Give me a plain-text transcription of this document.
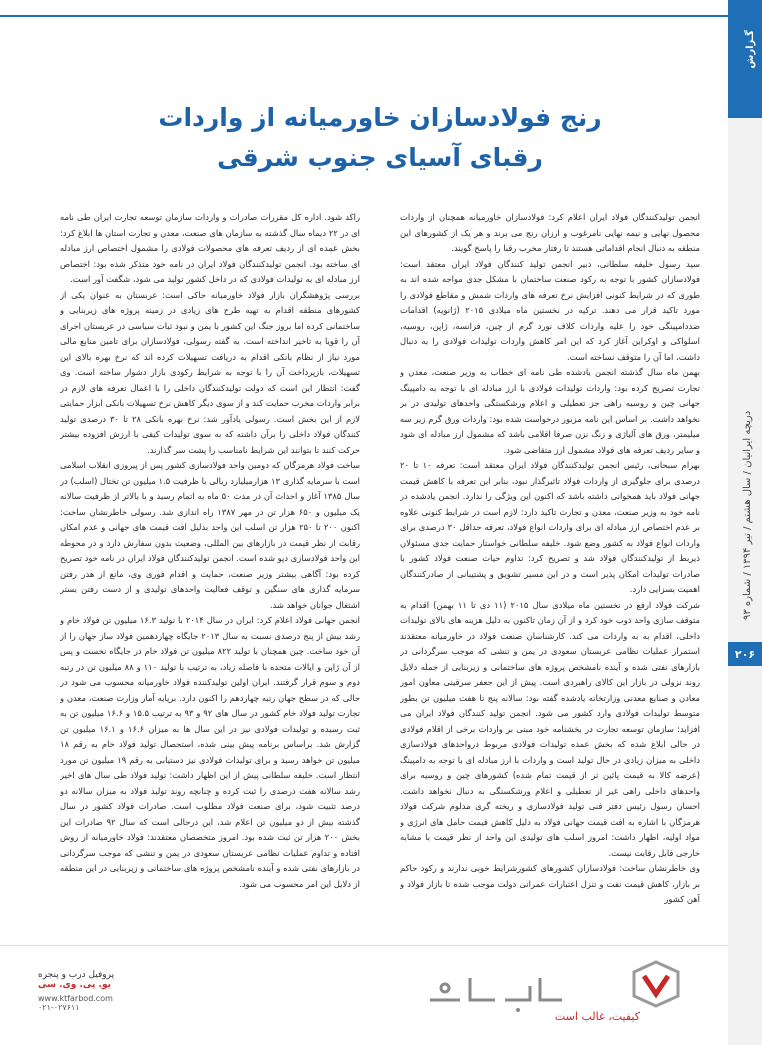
گـزارش
دریچه ایرانیان / سال هشتم / تیر ۱۳۹۴ / شماره ۹۳
۲۰۶
رنج فولادسازان خاورمیانه از واردات
رقبای آسیای جنوب شرقی

انجمن تولیدکنندگان فولاد ایران اعلام کرد: فولادسازان خاورمیانه همچنان از واردات محصول نهایی و نیمه نهایی نامرغوب و ارزان رنج می برند و هر یک از کشورهای این منطقه به دنبال انجام اقداماتی هستند تا رفتار مخرب رقبا را پاسخ گویند.

سید رسول خلیفه سلطانی، دبیر انجمن تولید کنندگان فولاد ایران معتقد است: فولادسازان کشور با توجه به رکود صنعت ساختمان با مشکل جدی مواجه شده اند به طوری که در شرایط کنونی افزایش نرخ تعرفه های واردات شمش و مقاطع فولادی را مورد تاکید قرار می دهند. ترکیه در نخستین ماه میلادی ۲۰۱۵ (ژانویه) اقدامات ضددامپینگی خود را علیه واردات کلاف نورد گرم از چین، فرانسه، ژاپن، روسیه، اسلواکی و اوکراین آغاز کرد که این امر کاهش واردات تولیدات فولادی را به دنبال داشت، اما آن را متوقف نساخته است.

بهمن ماه سال گذشته انجمن یادشده طی نامه ای خطاب به وزیر صنعت، معدن و تجارت تصریح کرده بود: واردات تولیدات فولادی با ارز مبادله ای با توجه به دامپینگ جهانی چین و روسیه راهی جز تعطیلی و اعلام ورشکستگی واحدهای تولیدی در بر نخواهد داشت. بر اساس این نامه مزبور درخواست شده بود: واردات ورق گرم زیر سه میلیمتر، ورق های آلیاژی و زنگ نزن صرفا اقلامی باشد که مشمول ارز مبادله ای شود و سایر ردیف تعرفه های فولاد مشمول ارز متقاضی شود.

بهرام سبحانی، رئیس انجمن تولیدکنندگان فولاد ایران معتقد است: تعرفه ۱۰ تا ۲۰ درصدی برای جلوگیری از واردات فولاد تاثیرگذار نبود، بنابر این تعرفه با کاهش قیمت جهانی فولاد باید همخوانی داشته باشد که اکنون این ویژگی را ندارد. انجمن یادشده در نامه خود به وزیر صنعت، معدن و تجارت تاکید دارد: لازم است در شرایط کنونی علاوه بر عدم اختصاص ارز مبادله ای برای واردات انواع فولاد، تعرفه حداقل ۳۰ درصدی برای واردات انواع فولاد به کشور وضع شود. خلیفه سلطانی خواستار حمایت جدی مسئولان ذیربط از تولیدکنندگان فولاد شد و تصریح کرد: تداوم حیات صنعت فولاد کشور با صادرات تولیدات امکان پذیر است و در این مسیر تشویق و پشتیبانی از صادرکنندگان اهمیت بسزایی دارد.

شرکت فولاد ارفع در نخستین ماه میلادی سال ۲۰۱۵ (۱۱ دی تا ۱۱ بهمن) اقدام به متوقف سازی واحد ذوب خود کرد و از آن زمان تاکنون به دلیل هزینه های بالای تولیدات داخلی، اقدام به به واردات می کند. کارشناسان صنعت فولاد در خاورمیانه معتقدند استمرار عملیات نظامی عربستان سعودی در یمن و تنشی که موجب سرگردانی در بازارهای نفتی شده و آینده نامشخص پروژه های ساختمانی و زیربنایی از جمله دلایل روند نزولی در بازار این کالای راهبردی است. پیش از این جعفر سرقینی معاون امور معادن و صنایع معدنی وزارتخانه یادشده گفته بود: سالانه پنج تا هفت میلیون تن بطور متوسط تولیدات فولادی وارد کشور می شود. انجمن تولید کنندگان فولاد ایران می افزاید: سازمان توسعه تجارت در بخشنامه خود مبنی بر واردات برخی از اقلام فولادی در حالی ابلاغ شده که بخش عمده تولیدات فولادی مربوط درواحدهای فولادسازی داخلی به میزان زیادی در حال تولید است و واردات با ارز مبادله ای با توجه به دامپینگ (عرضه کالا به قیمت پائین تر از قیمت تمام شده) کشورهای چین و روسیه برای واحدهای داخلی راهی غیر از تعطیلی و اعلام ورشکستگی به دنبال نخواهد داشت. احسان رسول رئیس دفتر فنی تولید فولادسازی و ریخته گری مدلوم شرکت فولاد هرمزگان با اشاره به افت قیمت جهانی فولاد به دلیل کاهش قیمت حامل های انرژی و مواد اولیه، اظهار داشت: امروز اسلب های تولیدی این واحد از نظر قیمت با مشابه خارجی قابل رقابت نیست.

وی خاطرنشان ساخت: فولادسازان کشورهای کشورشرایط خوبی ندارند و رکود حاکم بر بازار، کاهش قیمت نفت و تنزل اعتبارات عمرانی دولت موجب شده تا بازار فولاد و آهن کشور

راکد شود. اداره کل مقررات صادرات و واردات سازمان توسعه تجارت ایران طی نامه ای در ۲۲ دیماه سال گذشته به سازمان های صنعت، معدن و تجارت استان ها ابلاغ کرد: بخش عمده ای از ردیف تعرفه های محصولات فولادی را مشمول اختصاص ارز مبادله ای ساخته بود. انجمن تولیدکنندگان فولاد ایران در نامه خود متذکر شده بود: اختصاص ارز مبادله ای به تولیدات فولادی که در داخل کشور تولید می شود، شگفت آور است.

بررسی پژوهشگران بازار فولاد خاورمیانه حاکی است: عربستان به عنوان یکی از کشورهای منطقه اقدام به تهیه طرح های زیادی در زمینه پروژه های زیربنایی و ساختمانی کرده اما بروز جنگ این کشور با یمن و نبود ثبات سیاسی در عربستان اجرای آن را قویا به تاخیر انداخته است. به گفته رسولی، فولادسازان برای تامین منابع مالی مورد نیاز از نظام بانکی اقدام به دریافت تسهیلات کرده اند که نرخ بهره بالای این تسهیلات، بازپرداخت آن را با توجه به شرایط رکودی بازار دشوار ساخته است. وی گفت: انتظار این است که دولت تولیدکنندگان داخلی را با اعمال تعرفه های لازم در برابر واردات مخرب حمایت کند و از سوی دیگر کاهش نرخ تسهیلات بانکی ابزار حمایتی لازم از این بخش است. رسولی یادآور شد: نرخ بهره بانکی ۲۸ تا ۳۰ درصدی تولید کنندگان فولاد داخلی را برآن داشته که به سوی تولیدات کیفی با ارزش افزوده بیشتر حرکت کنند تا بتوانند این شرایط نامناسب را پشت سر گذارند.

ساخت فولاد هرمزگان که دومین واحد فولادسازی کشور پس از پیروزی انقلاب اسلامی است با سرمایه گذاری ۱۳ هزارمیلیارد ریالی با ظرفیت ۱.۵ میلیون تن تختال (اسلب) در سال ۱۳۸۵ آغاز و احداث آن در مدت ۵۰ ماه به اتمام رسید و با بالاتر از ظرفیت سالانه یک میلیون و ۶۵۰ هزار تن در مهر ۱۳۸۷ راه اندازی شد. رسولی خاطرنشان ساخت: اکنون ۲۰۰ تا ۲۵۰ هزار تن اسلب این واحد بدلیل افت قیمت های جهانی و عدم امکان رقابت از نظر قیمت در بازارهای بین المللی، وضعیت بدون سفارش دارد و در محوطه این واحد فولادسازی دپو شده است. انجمن تولیدکنندگان فولاد ایران در نامه خود تصریح کرده بود: آگاهی بیشتر وزیر صنعت، حمایت و اقدام فوری وی، مانع از هدر رفتن سرمایه گذاری های سنگین و توقف فعالیت واحدهای تولیدی و از دست رفتن بستر اشتغال جوانان خواهد شد.

انجمن جهانی فولاد اعلام کرد: ایران در سال ۲۰۱۴ با تولید ۱۶.۳ میلیون تن فولاد خام و رشد بیش از پنج درصدی نسبت به سال ۲۰۱۳ جایگاه چهاردهمین فولاد ساز جهان را از آن خود ساخت. چین همچنان با تولید ۸۲۲ میلیون تن فولاد خام در جایگاه نخست و پس از آن ژاپن و ایالات متحده با فاصله زیاد، به ترتیب با تولید ۱۱۰ و ۸۸ میلیون تن در رتبه دوم و سوم قرار گرفتند. ایران اولین تولیدکننده فولاد خاورمیانه محسوب می شود در حالی که در سطح جهان رتبه چهاردهم را اکنون دارد. برپایه آمار وزارت صنعت، معدن و تجارت تولید فولاد خام کشور در سال های ۹۲ و ۹۳ به ترتیب ۱۵.۵ و ۱۶.۶ میلیون تن به ثبت رسیده و تولیدات فولادی نیز در این سال ها به میزان ۱۶.۶ و ۱۶.۱ میلیون تن گزارش شد. براساس برنامه پیش بینی شده، استحصال تولید فولاد خام به رقم ۱۸ میلیون تن خواهد رسید و برای تولیدات فولادی نیز دستیابی به رقم ۱۹ میلیون تن مورد انتظار است. خلیفه سلطانی پیش از این اظهار داشت: تولید فولاد طی سال های اخیر رشد سالانه هفت درصدی را ثبت کرده و چنانچه روند تولید فولاد به میزان سالانه دو درصد تثبیت شود، برای صنعت فولاد مطلوب است. صادرات فولاد کشور در سال گذشته بیش از دو میلیون تن اعلام شد، این درحالی است که سال ۹۲ صادرات این بخش ۲۰۰ هزار تن ثبت شده بود. امروز متخصصان معتقدند: فولاد خاورمیانه از روش افتاده و تداوم عملیات نظامی عربستان سعودی در یمن و تنشی که موجب سرگردانی در بازارهای نفتی شده و آینده نامشخص پروژه های ساختمانی و زیربنایی در این منطقه از دلایل این امر محسوب می شود.

پروفیل درب و پنجره
یو. پی. وی. سی
www.ktfarbod.com
۰۲۱-۰۲۷۶۱۱
کیفیت، غالب است
